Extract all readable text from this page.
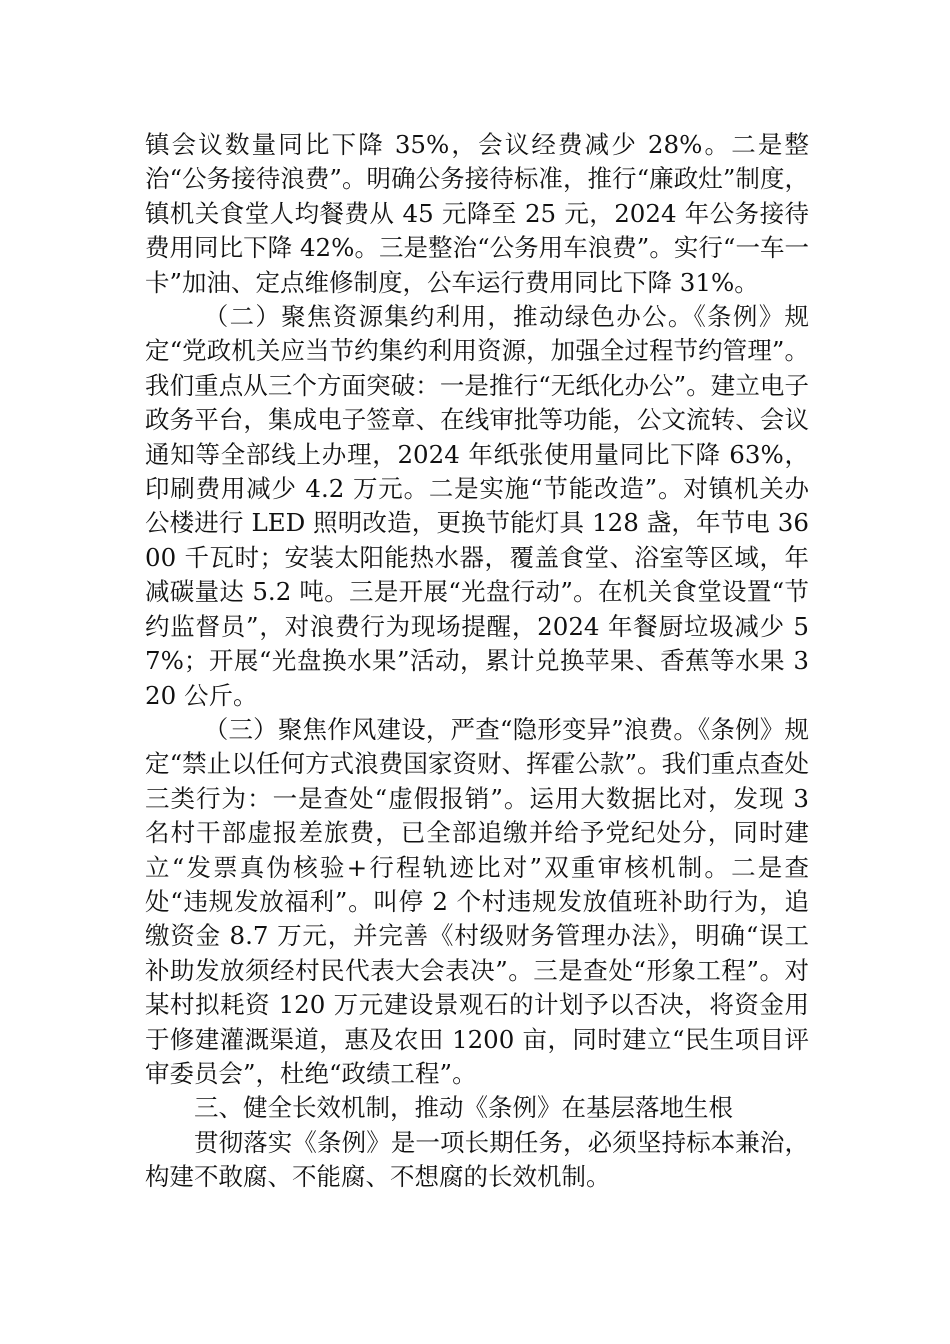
镇会议数量同比下降 35%，会议经费减少 28%。二是整治“公务接待浪费”。明确公务接待标准，推行“廉政灶”制度，镇机关食堂人均餐费从 45 元降至 25 元，2024 年公务接待费用同比下降 42%。三是整治“公务用车浪费”。实行“一车一卡”加油、定点维修制度，公车运行费用同比下降 31%。

（二）聚焦资源集约利用，推动绿色办公。《条例》规定“党政机关应当节约集约利用资源，加强全过程节约管理”。我们重点从三个方面突破：一是推行“无纸化办公”。建立电子政务平台，集成电子签章、在线审批等功能，公文流转、会议通知等全部线上办理，2024 年纸张使用量同比下降 63%，印刷费用减少 4.2 万元。二是实施“节能改造”。对镇机关办公楼进行 LED 照明改造，更换节能灯具 128 盏，年节电 3600 千瓦时；安装太阳能热水器，覆盖食堂、浴室等区域，年减碳量达 5.2 吨。三是开展“光盘行动”。在机关食堂设置“节约监督员”，对浪费行为现场提醒，2024 年餐厨垃圾减少 57%；开展“光盘换水果”活动，累计兑换苹果、香蕉等水果 320 公斤。

（三）聚焦作风建设，严查“隐形变异”浪费。《条例》规定“禁止以任何方式浪费国家资财、挥霍公款”。我们重点查处三类行为：一是查处“虚假报销”。运用大数据比对，发现 3 名村干部虚报差旅费，已全部追缴并给予党纪处分，同时建立“发票真伪核验+行程轨迹比对”双重审核机制。二是查处“违规发放福利”。叫停 2 个村违规发放值班补助行为，追缴资金 8.7 万元，并完善《村级财务管理办法》，明确“误工补助发放须经村民代表大会表决”。三是查处“形象工程”。对某村拟耗资 120 万元建设景观石的计划予以否决，将资金用于修建灌溉渠道，惠及农田 1200 亩，同时建立“民生项目评审委员会”，杜绝“政绩工程”。

三、健全长效机制，推动《条例》在基层落地生根

贯彻落实《条例》是一项长期任务，必须坚持标本兼治，构建不敢腐、不能腐、不想腐的长效机制。
